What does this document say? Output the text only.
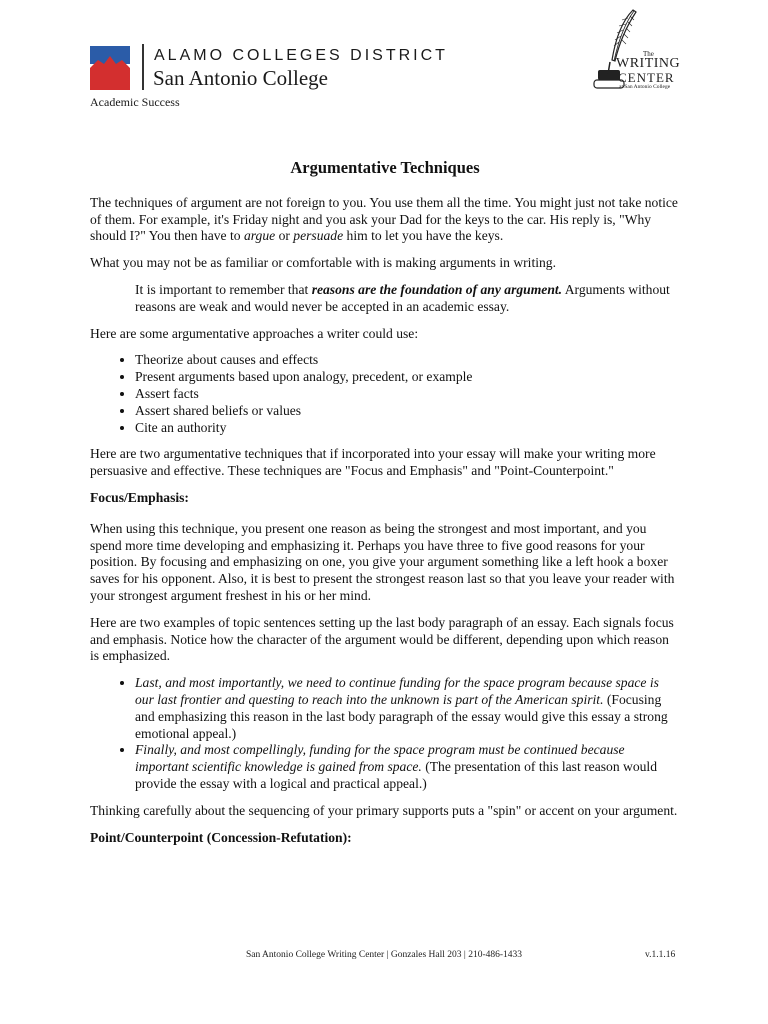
ALAMO COLLEGES DISTRICT
San Antonio College
Academic Success
The
WRITING
CENTER
at San Antonio College
Argumentative Techniques

The techniques of argument are not foreign to you. You use them all the time. You might just not take notice of them. For example, it's Friday night and you ask your Dad for the keys to the car. His reply is, "Why should I?" You then have to argue or persuade him to let you have the keys.

What you may not be as familiar or comfortable with is making arguments in writing.

It is important to remember that reasons are the foundation of any argument. Arguments without reasons are weak and would never be accepted in an academic essay.

Here are some argumentative approaches a writer could use:

• Theorize about causes and effects
• Present arguments based upon analogy, precedent, or example
• Assert facts
• Assert shared beliefs or values
• Cite an authority

Here are two argumentative techniques that if incorporated into your essay will make your writing more persuasive and effective. These techniques are "Focus and Emphasis" and "Point-Counterpoint."

Focus/Emphasis:

When using this technique, you present one reason as being the strongest and most important, and you spend more time developing and emphasizing it. Perhaps you have three to five good reasons for your position. By focusing and emphasizing on one, you give your argument something like a left hook a boxer saves for his opponent. Also, it is best to present the strongest reason last so that you leave your reader with your strongest argument freshest in his or her mind.

Here are two examples of topic sentences setting up the last body paragraph of an essay. Each signals focus and emphasis. Notice how the character of the argument would be different, depending upon which reason is emphasized.

• Last, and most importantly, we need to continue funding for the space program because space is our last frontier and questing to reach into the unknown is part of the American spirit. (Focusing and emphasizing this reason in the last body paragraph of the essay would give this essay a strong emotional appeal.)
• Finally, and most compellingly, funding for the space program must be continued because important scientific knowledge is gained from space. (The presentation of this last reason would provide the essay with a logical and practical appeal.)

Thinking carefully about the sequencing of your primary supports puts a "spin" or accent on your argument.

Point/Counterpoint (Concession-Refutation):

San Antonio College Writing Center | Gonzales Hall 203 | 210-486-1433	v.1.1.16
